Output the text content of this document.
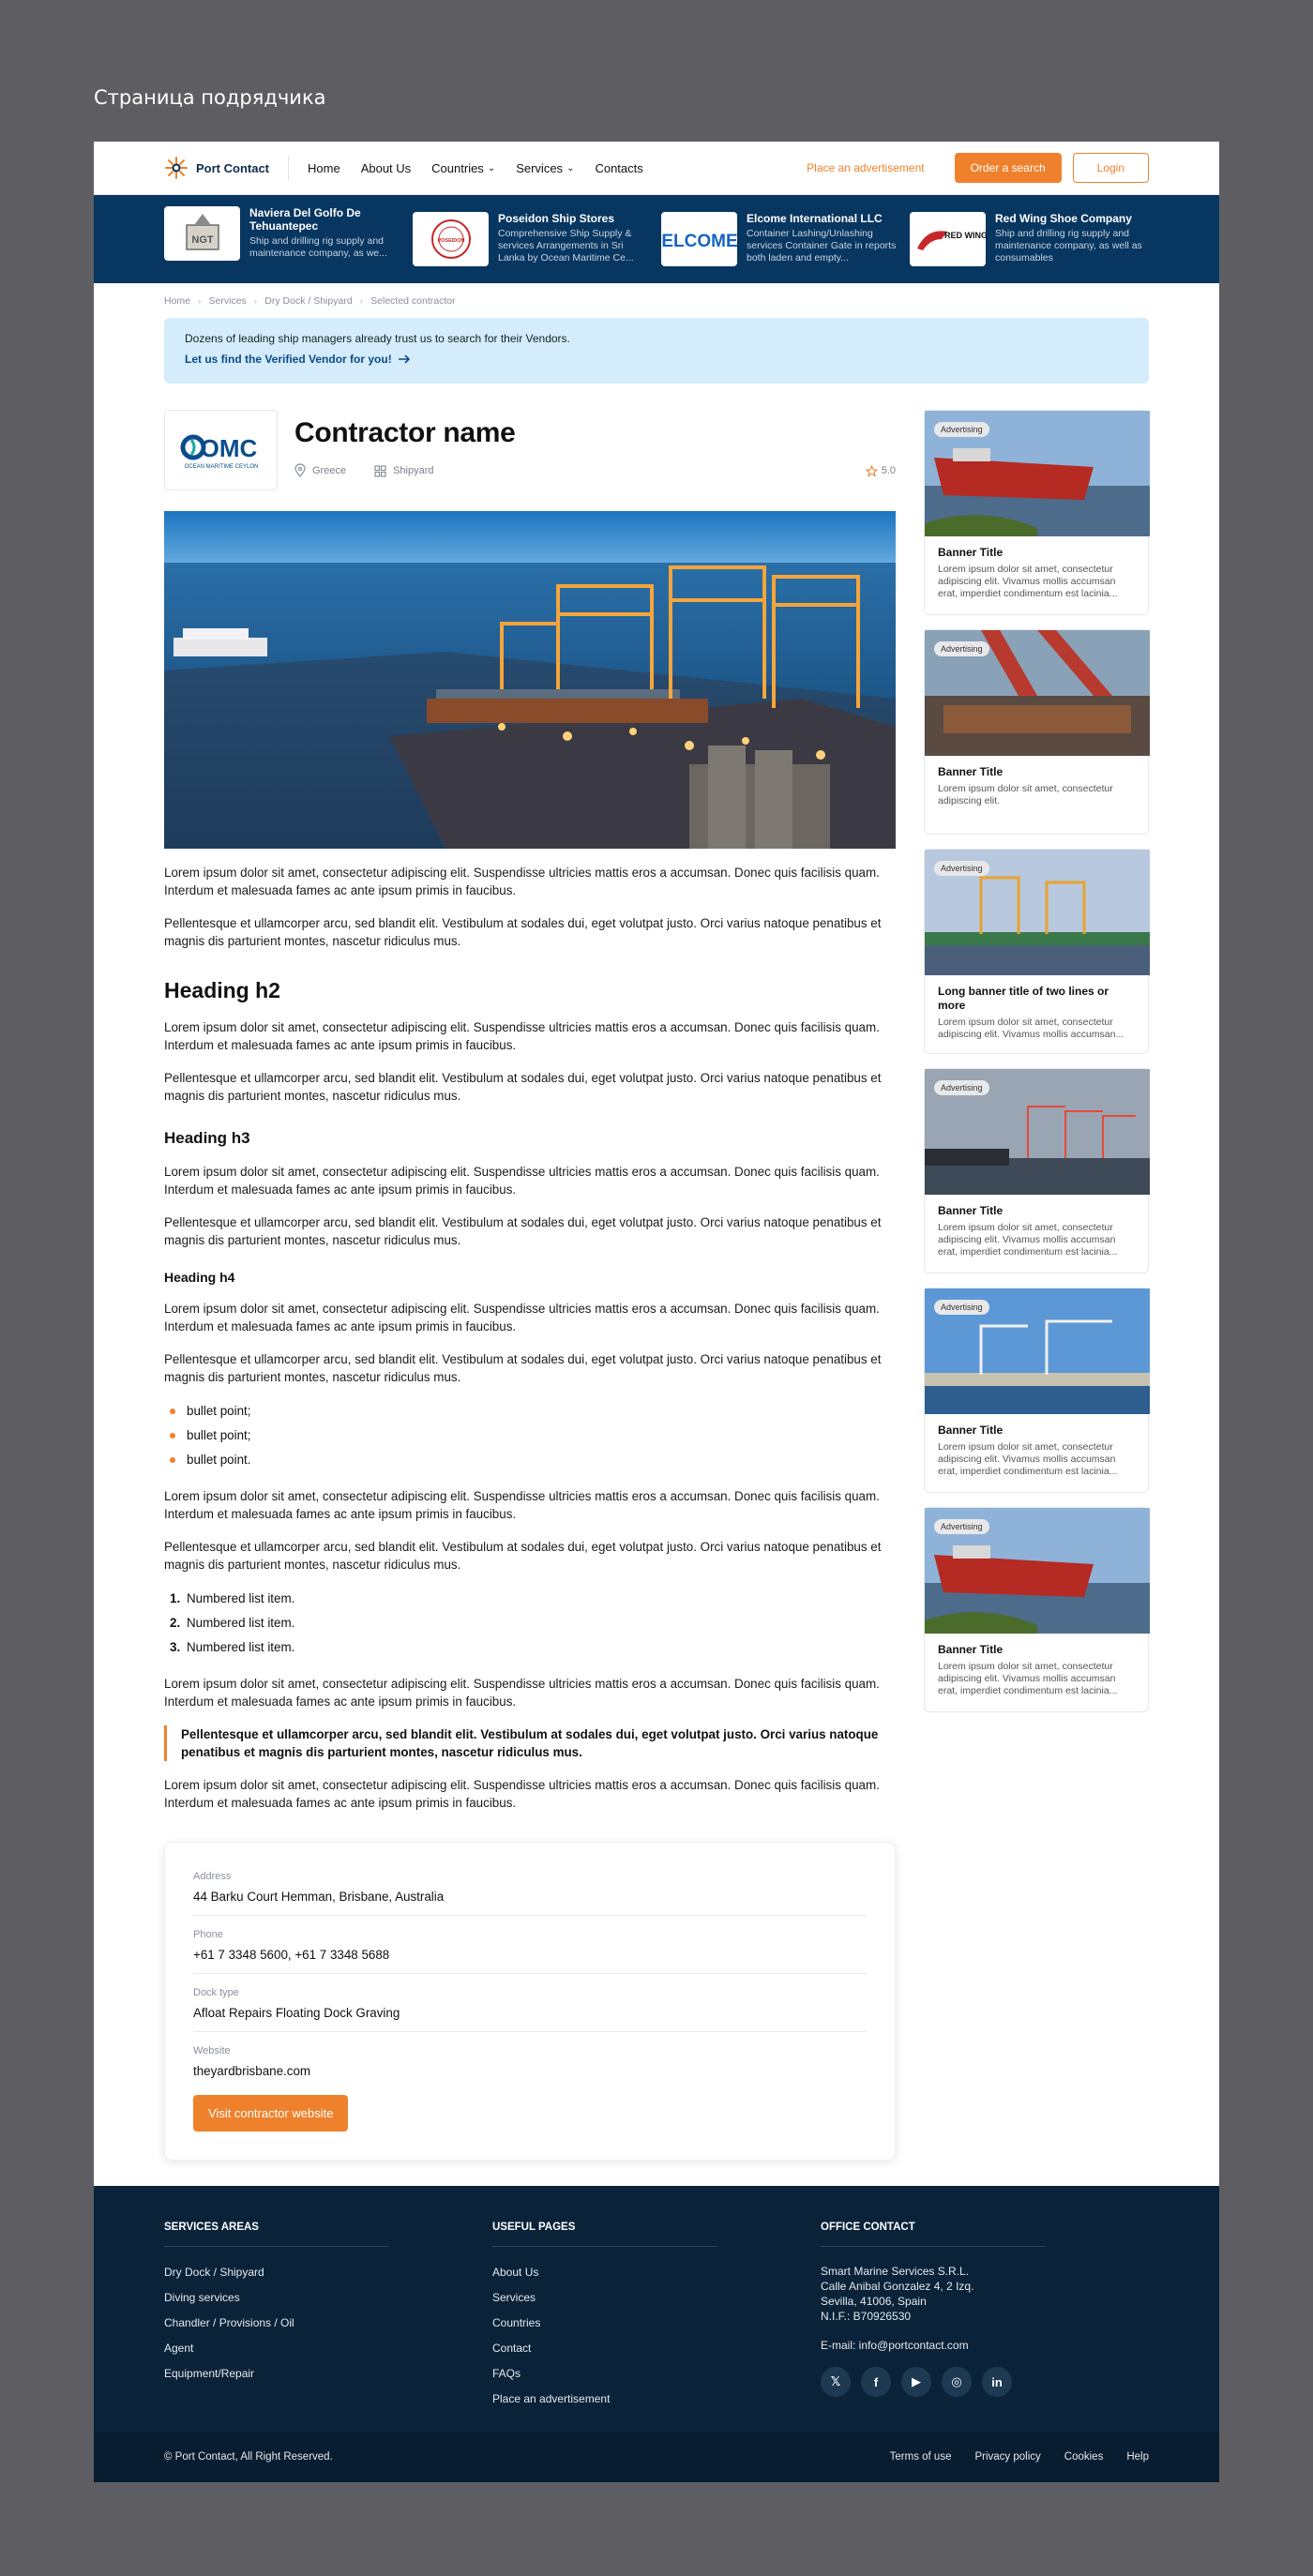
Страница подрядчика
Port Contact	Home About Us Countries ⌄ Services ⌄ Contacts	Place an advertisement	Order a search	Login
NGT
Naviera Del Golfo De Tehuantepec
Ship and drilling rig supply and maintenance company, as we...
POSEIDON
Poseidon Ship Stores
Comprehensive Ship Supply & services Arrangements in Sri Lanka by Ocean Maritime Ce...
ELCOME
Elcome International LLC
Container Lashing/Unlashing services Container Gate in reports both laden and empty...
RED WING
Red Wing Shoe Company
Ship and drilling rig supply and maintenance company, as well as consumables
Home › Services › Dry Dock / Shipyard › Selected contractor
Dozens of leading ship managers already trust us to search for their Vendors.
Let us find the Verified Vendor for you!
OMC
OCEAN MARITIME CEYLON
Contractor name
Greece	Shipyard	5.0

Lorem ipsum dolor sit amet, consectetur adipiscing elit. Suspendisse ultricies mattis eros a accumsan. Donec quis facilisis quam. Interdum et malesuada fames ac ante ipsum primis in faucibus.

Pellentesque et ullamcorper arcu, sed blandit elit. Vestibulum at sodales dui, eget volutpat justo. Orci varius natoque penatibus et magnis dis parturient montes, nascetur ridiculus mus.

Heading h2

Lorem ipsum dolor sit amet, consectetur adipiscing elit. Suspendisse ultricies mattis eros a accumsan. Donec quis facilisis quam. Interdum et malesuada fames ac ante ipsum primis in faucibus.

Pellentesque et ullamcorper arcu, sed blandit elit. Vestibulum at sodales dui, eget volutpat justo. Orci varius natoque penatibus et magnis dis parturient montes, nascetur ridiculus mus.

Heading h3

Lorem ipsum dolor sit amet, consectetur adipiscing elit. Suspendisse ultricies mattis eros a accumsan. Donec quis facilisis quam. Interdum et malesuada fames ac ante ipsum primis in faucibus.

Pellentesque et ullamcorper arcu, sed blandit elit. Vestibulum at sodales dui, eget volutpat justo. Orci varius natoque penatibus et magnis dis parturient montes, nascetur ridiculus mus.

Heading h4

Lorem ipsum dolor sit amet, consectetur adipiscing elit. Suspendisse ultricies mattis eros a accumsan. Donec quis facilisis quam. Interdum et malesuada fames ac ante ipsum primis in faucibus.

Pellentesque et ullamcorper arcu, sed blandit elit. Vestibulum at sodales dui, eget volutpat justo. Orci varius natoque penatibus et magnis dis parturient montes, nascetur ridiculus mus.

bullet point;
bullet point;
bullet point.

Lorem ipsum dolor sit amet, consectetur adipiscing elit. Suspendisse ultricies mattis eros a accumsan. Donec quis facilisis quam. Interdum et malesuada fames ac ante ipsum primis in faucibus.

Pellentesque et ullamcorper arcu, sed blandit elit. Vestibulum at sodales dui, eget volutpat justo. Orci varius natoque penatibus et magnis dis parturient montes, nascetur ridiculus mus.

1. Numbered list item.
2. Numbered list item.
3. Numbered list item.

Lorem ipsum dolor sit amet, consectetur adipiscing elit. Suspendisse ultricies mattis eros a accumsan. Donec quis facilisis quam. Interdum et malesuada fames ac ante ipsum primis in faucibus.

Pellentesque et ullamcorper arcu, sed blandit elit. Vestibulum at sodales dui, eget volutpat justo. Orci varius natoque penatibus et magnis dis parturient montes, nascetur ridiculus mus.

Lorem ipsum dolor sit amet, consectetur adipiscing elit. Suspendisse ultricies mattis eros a accumsan. Donec quis facilisis quam. Interdum et malesuada fames ac ante ipsum primis in faucibus.

Address
44 Barku Court Hemman, Brisbane, Australia
Phone
+61 7 3348 5600, +61 7 3348 5688
Dock type
Afloat Repairs Floating Dock Graving
Website
theyardbrisbane.com
Visit contractor website
Banner Title
Lorem ipsum dolor sit amet, consectetur adipiscing elit. Vivamus mollis accumsan erat, imperdiet condimentum est lacinia...
Advertising
Banner Title
Lorem ipsum dolor sit amet, consectetur adipiscing elit.
Advertising
Long banner title of two lines or more
Lorem ipsum dolor sit amet, consectetur adipiscing elit. Vivamus mollis accumsan...
Advertising
Banner Title
Lorem ipsum dolor sit amet, consectetur adipiscing elit. Vivamus mollis accumsan erat, imperdiet condimentum est lacinia...
Advertising
Banner Title
Lorem ipsum dolor sit amet, consectetur adipiscing elit. Vivamus mollis accumsan erat, imperdiet condimentum est lacinia...
Advertising
Banner Title
Lorem ipsum dolor sit amet, consectetur adipiscing elit. Vivamus mollis accumsan erat, imperdiet condimentum est lacinia...
Advertising
SERVICES AREAS
Dry Dock / Shipyard
Diving services
Chandler / Provisions / Oil
Agent
Equipment/Repair
USEFUL PAGES
About Us
Services
Countries
Contact
FAQs
Place an advertisement
OFFICE CONTACT
Smart Marine Services S.R.L.
Calle Anibal Gonzalez 4, 2 Izq.
Sevilla, 41006, Spain
N.I.F.: B70926530
E-mail: info@portcontact.com
𝕏	f	▶	◎	in
© Port Contact, All Right Reserved.	Terms of use Privacy policy Cookies Help
